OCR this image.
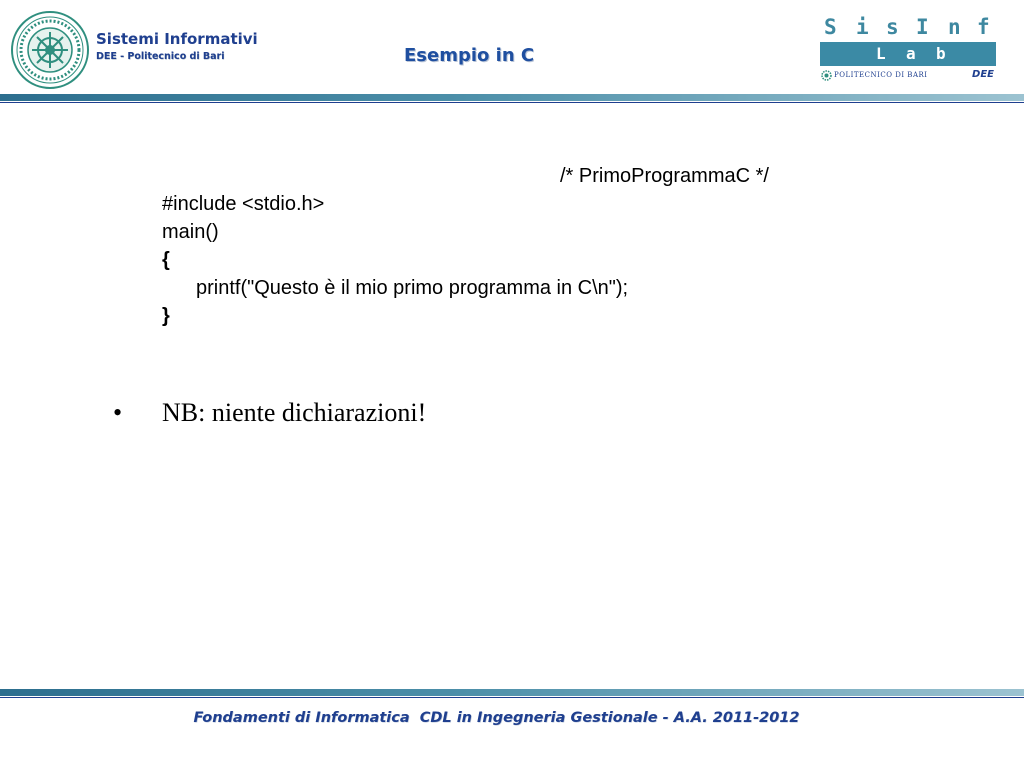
Sistemi Informativi
DEE - Politecnico di Bari	Esempio in C
S i s I n f
L a b
POLITECNICO DI BARI	DEE
/* PrimoProgrammaC */
#include <stdio.h>
main()
{
printf("Questo è il mio primo programma in C\n");
}
• NB: niente dichiarazioni!
Fondamenti di Informatica  CDL in Ingegneria Gestionale - A.A. 2011-2012
